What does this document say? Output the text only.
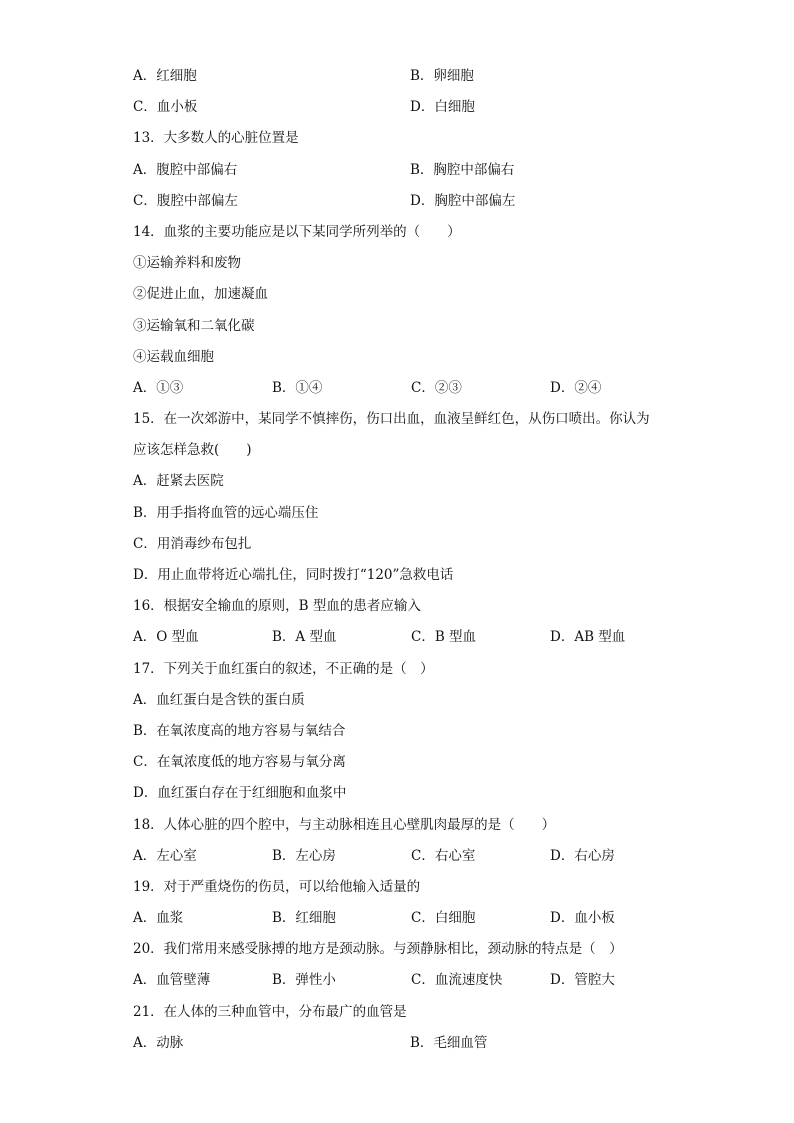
A．红细胞	B．卵细胞
C．血小板	D．白细胞
13．大多数人的心脏位置是
A．腹腔中部偏右	B．胸腔中部偏右
C．腹腔中部偏左	D．胸腔中部偏左
14．血浆的主要功能应是以下某同学所列举的（　　）
①运输养料和废物
②促进止血，加速凝血
③运输氧和二氧化碳
④运载血细胞
A．①③	B．①④	C．②③	D．②④
15．在一次郊游中，某同学不慎摔伤，伤口出血，血液呈鲜红色，从伤口喷出。你认为
应该怎样急救(　　)
A．赶紧去医院
B．用手指将血管的远心端压住
C．用消毒纱布包扎
D．用止血带将近心端扎住，同时拨打“120”急救电话
16．根据安全输血的原则，B 型血的患者应输入
A．O 型血	B．A 型血	C．B 型血	D．AB 型血
17．下列关于血红蛋白的叙述，不正确的是（　）
A．血红蛋白是含铁的蛋白质
B．在氧浓度高的地方容易与氧结合
C．在氧浓度低的地方容易与氧分离
D．血红蛋白存在于红细胞和血浆中
18．人体心脏的四个腔中，与主动脉相连且心壁肌肉最厚的是（　　）
A．左心室	B．左心房	C．右心室	D．右心房
19．对于严重烧伤的伤员，可以给他输入适量的
A．血浆	B．红细胞	C．白细胞	D．血小板
20．我们常用来感受脉搏的地方是颈动脉。与颈静脉相比，颈动脉的特点是（　）
A．血管壁薄	B．弹性小	C．血流速度快	D．管腔大
21．在人体的三种血管中，分布最广的血管是
A．动脉	B．毛细血管
